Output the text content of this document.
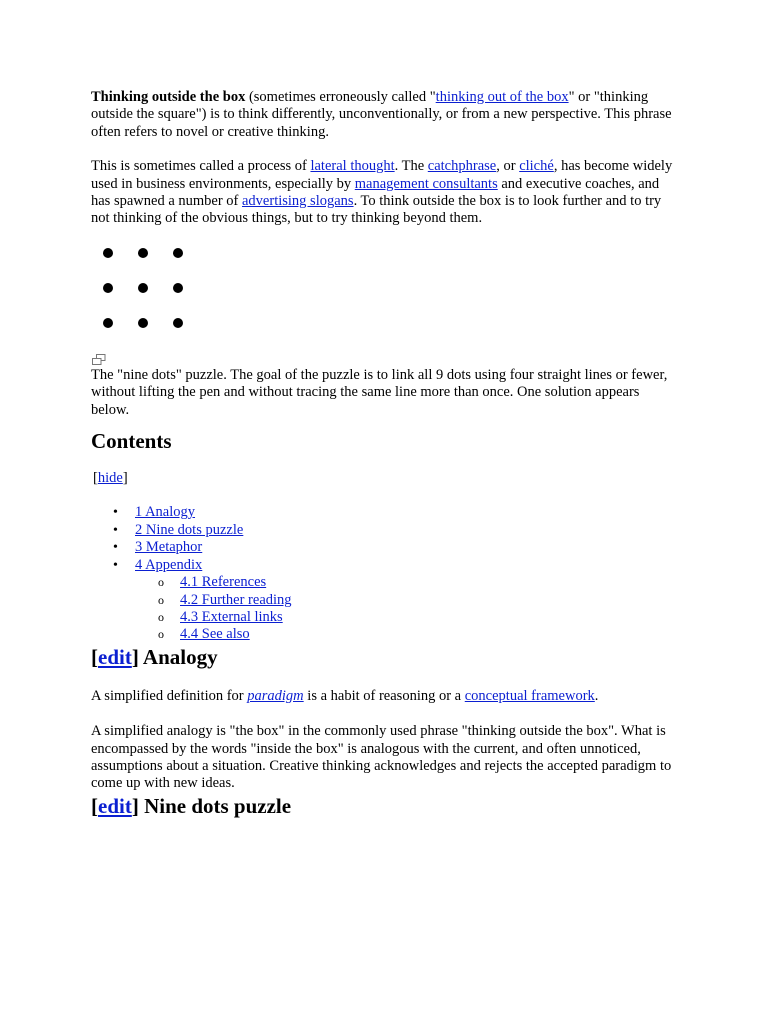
Thinking outside the box (sometimes erroneously called "thinking out of the box" or "thinking outside the square") is to think differently, unconventionally, or from a new perspective. This phrase often refers to novel or creative thinking.

This is sometimes called a process of lateral thought. The catchphrase, or cliché, has become widely used in business environments, especially by management consultants and executive coaches, and has spawned a number of advertising slogans. To think outside the box is to look further and to try not thinking of the obvious things, but to try thinking beyond them.

The "nine dots" puzzle. The goal of the puzzle is to link all 9 dots using four straight lines or fewer, without lifting the pen and without tracing the same line more than once. One solution appears below.

Contents
[hide]
• 1 Analogy
• 2 Nine dots puzzle
• 3 Metaphor
• 4 Appendix
o 4.1 References
o 4.2 Further reading
o 4.3 External links
o 4.4 See also
[edit] Analogy

A simplified definition for paradigm is a habit of reasoning or a conceptual framework.

A simplified analogy is "the box" in the commonly used phrase "thinking outside the box". What is encompassed by the words "inside the box" is analogous with the current, and often unnoticed, assumptions about a situation. Creative thinking acknowledges and rejects the accepted paradigm to come up with new ideas.

[edit] Nine dots puzzle
